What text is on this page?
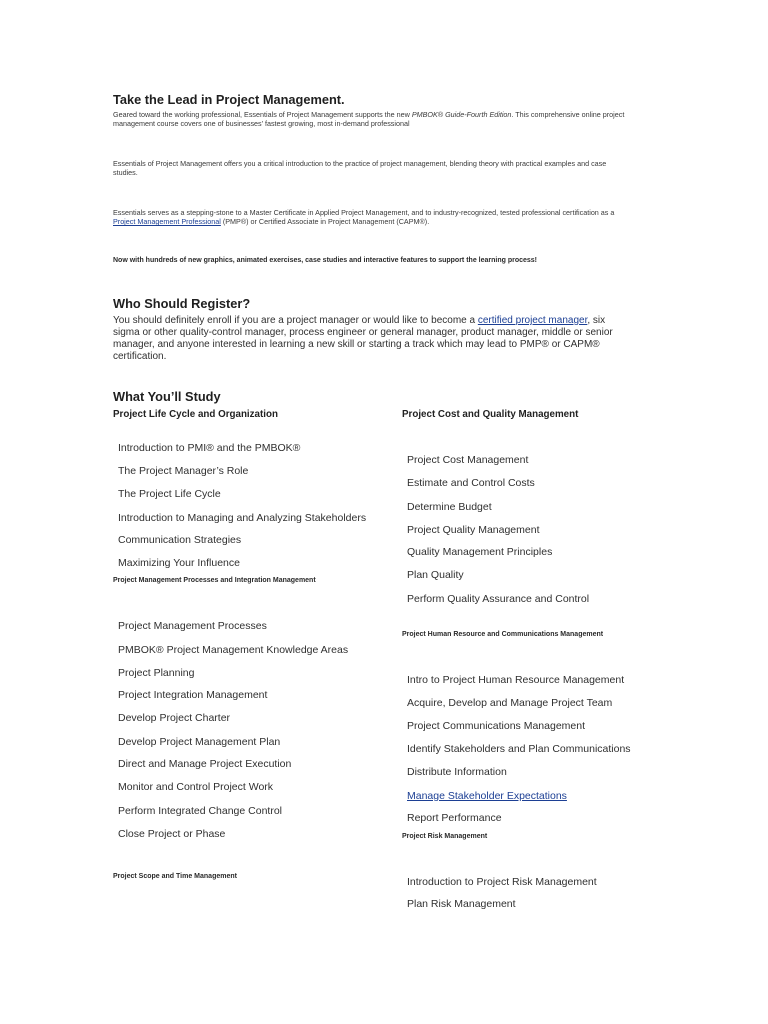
Take the Lead in Project Management.
Geared toward the working professional, Essentials of Project Management supports the new PMBOK® Guide-Fourth Edition. This comprehensive online project
management course covers one of businesses’ fastest growing, most in-demand professional
Essentials of Project Management offers you a critical introduction to the practice of project management, blending theory with practical examples and case
studies.
Essentials serves as a stepping-stone to a Master Certificate in Applied Project Management, and to industry-recognized, tested professional certification as a
Project Management Professional (PMP®) or Certified Associate in Project Management (CAPM®).
Now with hundreds of new graphics, animated exercises, case studies and interactive features to support the learning process!
Who Should Register?
You should definitely enroll if you are a project manager or would like to become a certified project manager, six
sigma or other quality-control manager, process engineer or general manager, product manager, middle or senior
manager, and anyone interested in learning a new skill or starting a track which may lead to PMP® or CAPM®
certification.
What You’ll Study
Project Life Cycle and Organization
Introduction to PMI® and the PMBOK®
The Project Manager’s Role
The Project Life Cycle
Introduction to Managing and Analyzing Stakeholders
Communication Strategies
Maximizing Your Influence
Project Management Processes and Integration Management
Project Management Processes
PMBOK® Project Management Knowledge Areas
Project Planning
Project Integration Management
Develop Project Charter
Develop Project Management Plan
Direct and Manage Project Execution
Monitor and Control Project Work
Perform Integrated Change Control
Close Project or Phase
Project Scope and Time Management
Project Cost and Quality Management
Project Cost Management
Estimate and Control Costs
Determine Budget
Project Quality Management
Quality Management Principles
Plan Quality
Perform Quality Assurance and Control
Project Human Resource and Communications Management
Intro to Project Human Resource Management
Acquire, Develop and Manage Project Team
Project Communications Management
Identify Stakeholders and Plan Communications
Distribute Information
Manage Stakeholder Expectations
Report Performance
Project Risk Management
Introduction to Project Risk Management
Plan Risk Management
